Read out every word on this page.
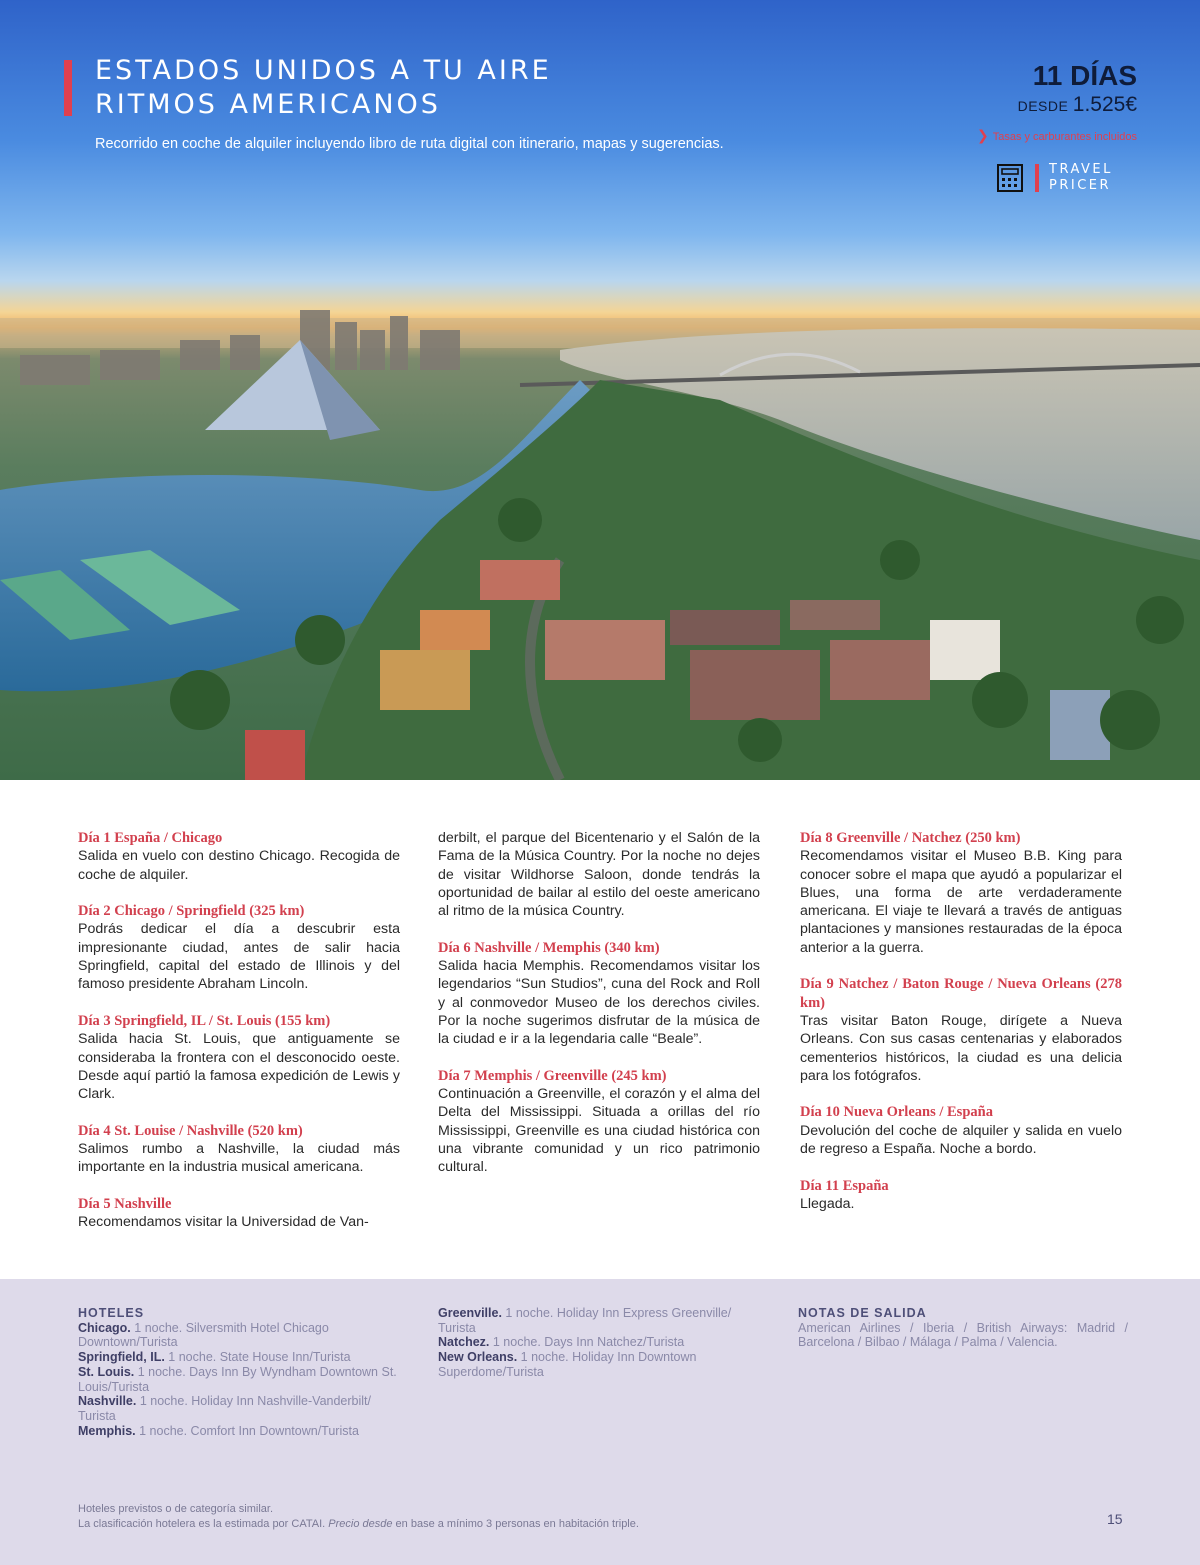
ESTADOS UNIDOS A TU AIRE
RITMOS AMERICANOS

Recorrido en coche de alquiler incluyendo libro de ruta digital con itinerario, mapas y sugerencias.

11 DÍAS
DESDE 1.525€
❯ Tasas y carburantes incluidos
TRAVEL
PRICER
Día 1 España / Chicago
Salida en vuelo con destino Chicago. Recogida de coche de alquiler.
Día 2 Chicago / Springfield (325 km)
Podrás dedicar el día a descubrir esta impresionante ciudad, antes de salir hacia Springfield, capital del estado de Illinois y del famoso presidente Abraham Lincoln.
Día 3 Springfield, IL / St. Louis (155 km)
Salida hacia St. Louis, que antiguamente se consideraba la frontera con el desconocido oeste. Desde aquí partió la famosa expedición de Lewis y Clark.
Día 4 St. Louise / Nashville (520 km)
Salimos rumbo a Nashville, la ciudad más importante en la industria musical americana.
Día 5 Nashville
Recomendamos visitar la Universidad de Van-
derbilt, el parque del Bicentenario y el Salón de la Fama de la Música Country. Por la noche no dejes de visitar Wildhorse Saloon, donde tendrás la oportunidad de bailar al estilo del oeste americano al ritmo de la música Country.
Día 6 Nashville / Memphis (340 km)
Salida hacia Memphis. Recomendamos visitar los legendarios “Sun Studios”, cuna del Rock and Roll y al conmovedor Museo de los derechos civiles. Por la noche sugerimos disfrutar de la música de la ciudad e ir a la legendaria calle “Beale”.
Día 7 Memphis / Greenville (245 km)
Continuación a Greenville, el corazón y el alma del Delta del Mississippi. Situada a orillas del río Mississippi, Greenville es una ciudad histórica con una vibrante comunidad y un rico patrimonio cultural.
Día 8 Greenville / Natchez (250 km)
Recomendamos visitar el Museo B.B. King para conocer sobre el mapa que ayudó a popularizar el Blues, una forma de arte verdaderamente americana. El viaje te llevará a través de antiguas plantaciones y mansiones restauradas de la época anterior a la guerra.
Día 9 Natchez / Baton Rouge / Nueva Orleans (278 km)
Tras visitar Baton Rouge, dirígete a Nueva Orleans. Con sus casas centenarias y elaborados cementerios históricos, la ciudad es una delicia para los fotógrafos.
Día 10 Nueva Orleans / España
Devolución del coche de alquiler y salida en vuelo de regreso a España. Noche a bordo.
Día 11 España
Llegada.
HOTELES
Chicago. 1 noche. Silversmith Hotel Chicago Downtown/Turista
Springfield, IL. 1 noche. State House Inn/Turista
St. Louis. 1 noche. Days Inn By Wyndham Downtown St. Louis/Turista
Nashville. 1 noche. Holiday Inn Nashville-Vanderbilt/ Turista
Memphis. 1 noche. Comfort Inn Downtown/Turista
Greenville. 1 noche. Holiday Inn Express Greenville/ Turista
Natchez. 1 noche. Days Inn Natchez/Turista
New Orleans. 1 noche. Holiday Inn Downtown Superdome/Turista
NOTAS DE SALIDA
American Airlines / Iberia / British Airways: Madrid / Barcelona / Bilbao / Málaga / Palma / Valencia.
Hoteles previstos o de categoría similar.
La clasificación hotelera es la estimada por CATAI. Precio desde en base a mínimo 3 personas en habitación triple.	15
